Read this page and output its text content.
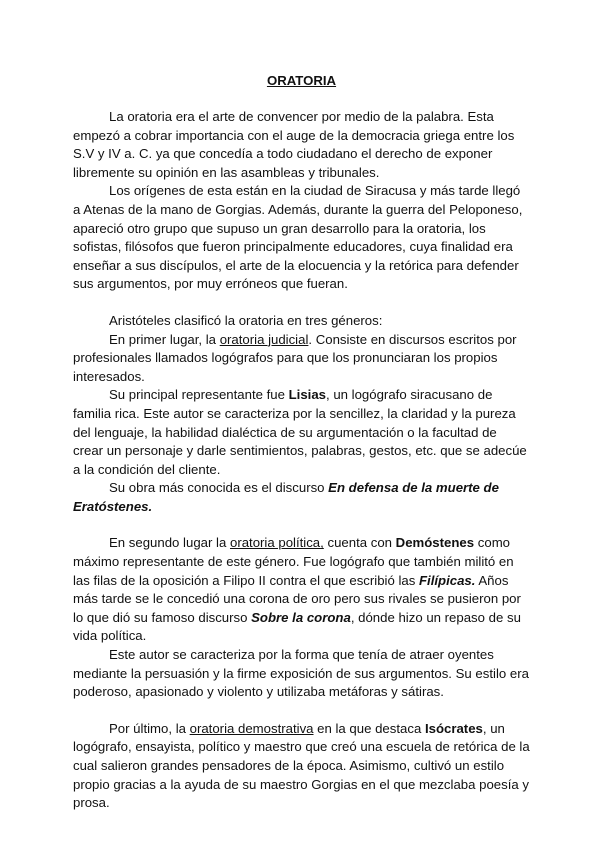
ORATORIA

La oratoria era el arte de convencer por medio de la palabra. Esta empezó a cobrar importancia con el auge de la democracia griega entre los S.V y IV a. C. ya que concedía a todo ciudadano el derecho de exponer libremente su opinión en las asambleas y tribunales.

Los orígenes de esta están en la ciudad de Siracusa y más tarde llegó a Atenas de la mano de Gorgias. Además, durante la guerra del Peloponeso, apareció otro grupo que supuso un gran desarrollo para la oratoria, los sofistas, filósofos que fueron principalmente educadores, cuya finalidad era enseñar a sus discípulos, el arte de la elocuencia y la retórica para defender sus argumentos, por muy erróneos que fueran.

Aristóteles clasificó la oratoria en tres géneros:

En primer lugar, la oratoria judicial. Consiste en discursos escritos por profesionales llamados logógrafos para que los pronunciaran los propios interesados.

Su principal representante fue Lisias, un logógrafo siracusano de familia rica. Este autor se caracteriza por la sencillez, la claridad y la pureza del lenguaje, la habilidad dialéctica de su argumentación o la facultad de crear un personaje y darle sentimientos, palabras, gestos, etc. que se adecúe a la condición del cliente.

Su obra más conocida es el discurso En defensa de la muerte de Eratóstenes.

En segundo lugar la oratoria política, cuenta con Demóstenes como máximo representante de este género. Fue logógrafo que también militó en las filas de la oposición a Filipo II contra el que escribió las Filípicas. Años más tarde se le concedió una corona de oro pero sus rivales se pusieron por lo que dió su famoso discurso Sobre la corona, dónde hizo un repaso de su vida política.

Este autor se caracteriza por la forma que tenía de atraer oyentes mediante la persuasión y la firme exposición de sus argumentos. Su estilo era poderoso, apasionado y violento y utilizaba metáforas y sátiras.

Por último, la oratoria demostrativa en la que destaca Isócrates, un logógrafo, ensayista, político y maestro que creó una escuela de retórica de la cual salieron grandes pensadores de la época. Asimismo, cultivó un estilo propio gracias a la ayuda de su maestro Gorgias en el que mezclaba poesía y prosa.
